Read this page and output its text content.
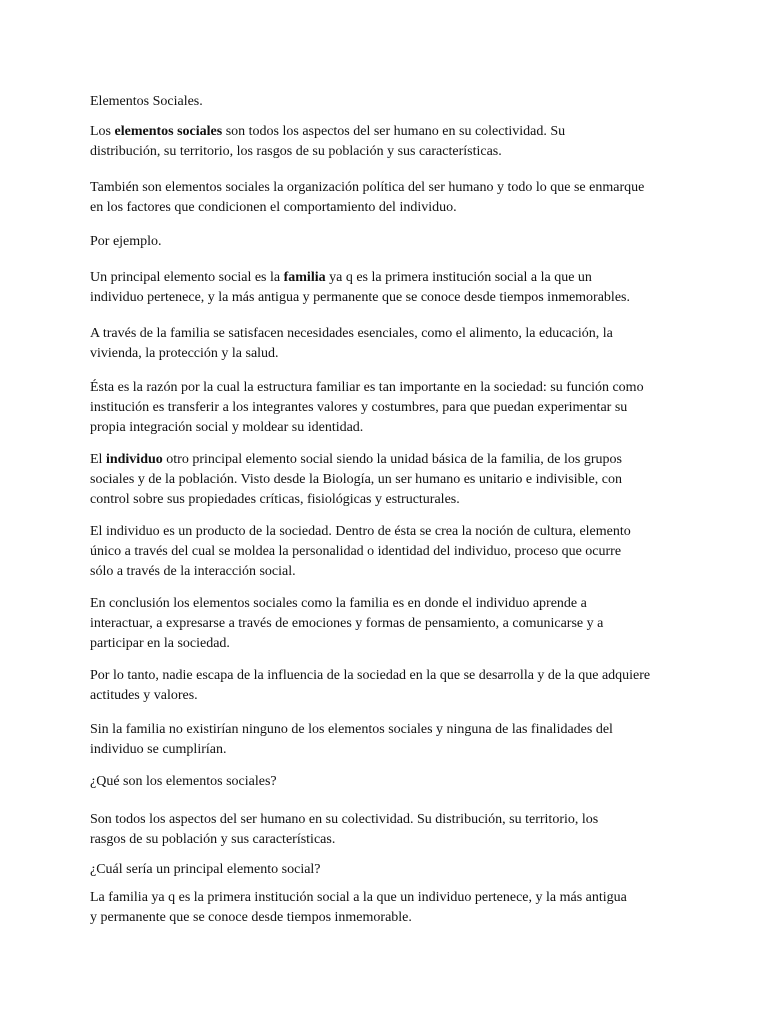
Elementos Sociales.

Los elementos sociales son todos los aspectos del ser humano en su colectividad. Su
distribución, su territorio, los rasgos de su población y sus características.

También son elementos sociales la organización política del ser humano y todo lo que se enmarque
en los factores que condicionen el comportamiento del individuo.

Por ejemplo.

Un principal elemento social es la familia ya q es la primera institución social a la que un
individuo pertenece, y la más antigua y permanente que se conoce desde tiempos inmemorables.

A través de la familia se satisfacen necesidades esenciales, como el alimento, la educación, la
vivienda, la protección y la salud.

Ésta es la razón por la cual la estructura familiar es tan importante en la sociedad: su función como
institución es transferir a los integrantes valores y costumbres, para que puedan experimentar su
propia integración social y moldear su identidad.

El individuo otro principal elemento social siendo la unidad básica de la familia, de los grupos
sociales y de la población. Visto desde la Biología, un ser humano es unitario e indivisible, con
control sobre sus propiedades críticas, fisiológicas y estructurales.

El individuo es un producto de la sociedad. Dentro de ésta se crea la noción de cultura, elemento
único a través del cual se moldea la personalidad o identidad del individuo, proceso que ocurre
sólo a través de la interacción social.

En conclusión los elementos sociales como la familia es en donde el individuo aprende a
interactuar, a expresarse a través de emociones y formas de pensamiento, a comunicarse y a
participar en la sociedad.

Por lo tanto, nadie escapa de la influencia de la sociedad en la que se desarrolla y de la que adquiere
actitudes y valores.

Sin la familia no existirían ninguno de los elementos sociales y ninguna de las finalidades del
individuo se cumplirían.

¿Qué son los elementos sociales?

Son todos los aspectos del ser humano en su colectividad. Su distribución, su territorio, los
rasgos de su población y sus características.

¿Cuál sería un principal elemento social?

La familia ya q es la primera institución social a la que un individuo pertenece, y la más antigua
y permanente que se conoce desde tiempos inmemorable.
